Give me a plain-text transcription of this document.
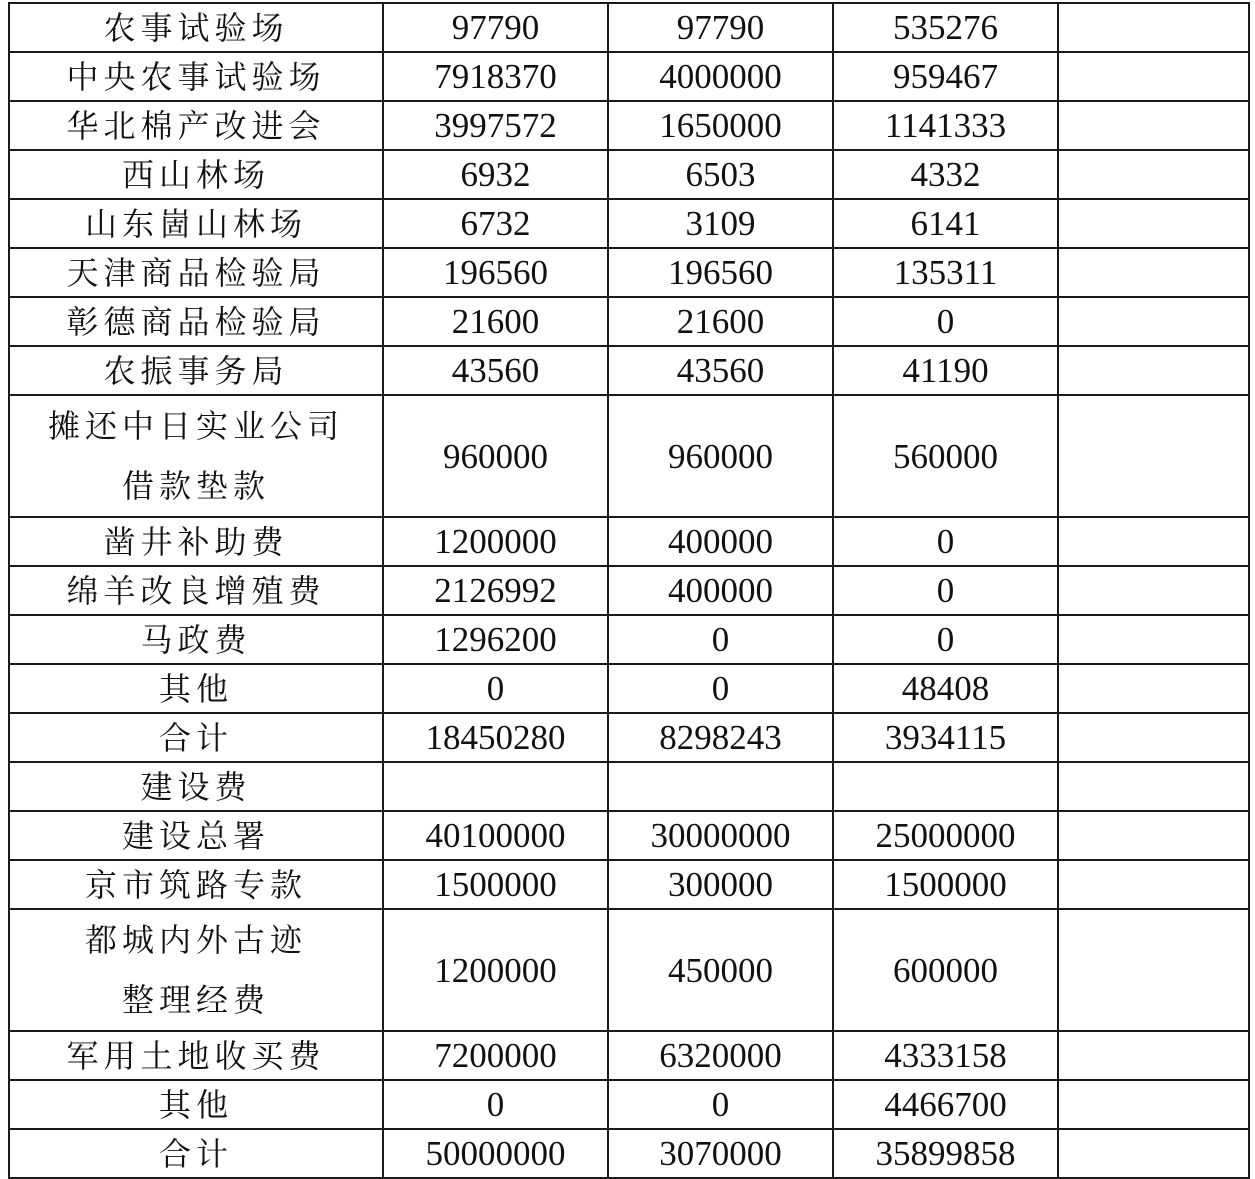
农事试验场	97790	97790	535276	
中央农事试验场	7918370	4000000	959467	
华北棉产改进会	3997572	1650000	1141333	
西山林场	6932	6503	4332	
山东崮山林场	6732	3109	6141	
天津商品检验局	196560	196560	135311	
彰德商品检验局	21600	21600	0	
农振事务局	43560	43560	41190	

摊还中日实业公司
借款垫款	960000	960000	560000	
凿井补助费	1200000	400000	0	
绵羊改良增殖费	2126992	400000	0	
马政费	1296200	0	0	
其他	0	0	48408	
合计	18450280	8298243	3934115	
建设费				
建设总署	40100000	30000000	25000000	
京市筑路专款	1500000	300000	1500000	

都城内外古迹
整理经费	1200000	450000	600000	
军用土地收买费	7200000	6320000	4333158	
其他	0	0	4466700	
合计	50000000	3070000	35899858	
